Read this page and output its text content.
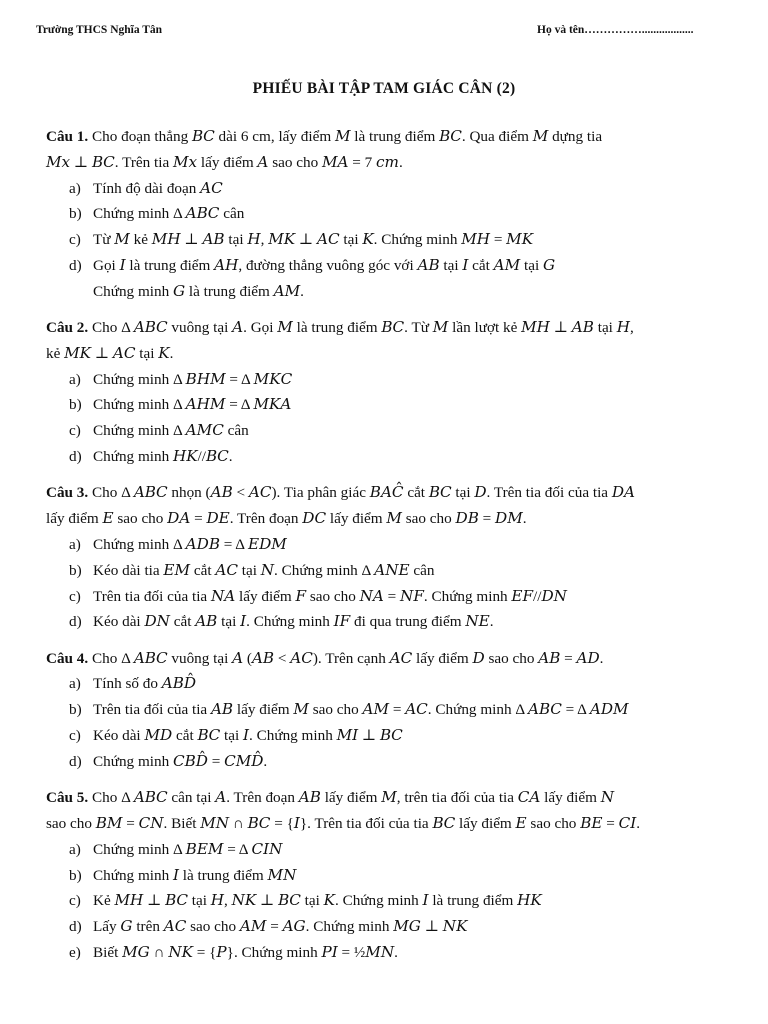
Trường THCS Nghĩa Tân	Họ và tên……………..................
PHIẾU BÀI TẬP TAM GIÁC CÂN (2)
Câu 1. Cho đoạn thẳng 𝐵𝐶 dài 6 cm, lấy điểm 𝑀 là trung điểm 𝐵𝐶. Qua điểm 𝑀 dựng tia
𝑀𝑥 ⊥ 𝐵𝐶. Trên tia 𝑀𝑥 lấy điểm 𝐴 sao cho 𝑀𝐴 = 7 𝑐𝑚.
a) Tính độ dài đoạn 𝐴𝐶
b) Chứng minh Δ 𝐴𝐵𝐶 cân
c) Từ 𝑀 kẻ 𝑀𝐻 ⊥ 𝐴𝐵 tại 𝐻, 𝑀𝐾 ⊥ 𝐴𝐶 tại 𝐾. Chứng minh 𝑀𝐻 = 𝑀𝐾
d) Gọi 𝐼 là trung điểm 𝐴𝐻, đường thẳng vuông góc với 𝐴𝐵 tại 𝐼 cắt 𝐴𝑀 tại 𝐺
Chứng minh 𝐺 là trung điểm 𝐴𝑀.
Câu 2. Cho Δ 𝐴𝐵𝐶 vuông tại 𝐴. Gọi 𝑀 là trung điểm 𝐵𝐶. Từ 𝑀 lần lượt kẻ 𝑀𝐻 ⊥ 𝐴𝐵 tại 𝐻,
kẻ 𝑀𝐾 ⊥ 𝐴𝐶 tại 𝐾.
a) Chứng minh Δ 𝐵𝐻𝑀 = Δ 𝑀𝐾𝐶
b) Chứng minh Δ 𝐴𝐻𝑀 = Δ 𝑀𝐾𝐴
c) Chứng minh Δ 𝐴𝑀𝐶 cân
d) Chứng minh 𝐻𝐾//𝐵𝐶.
Câu 3. Cho Δ 𝐴𝐵𝐶 nhọn (𝐴𝐵 < 𝐴𝐶). Tia phân giác 𝐵𝐴𝐶̂ cắt 𝐵𝐶 tại 𝐷. Trên tia đối của tia 𝐷𝐴
lấy điểm 𝐸 sao cho 𝐷𝐴 = 𝐷𝐸. Trên đoạn 𝐷𝐶 lấy điểm 𝑀 sao cho 𝐷𝐵 = 𝐷𝑀.
a) Chứng minh Δ 𝐴𝐷𝐵 = Δ 𝐸𝐷𝑀
b) Kéo dài tia 𝐸𝑀 cắt 𝐴𝐶 tại 𝑁. Chứng minh Δ 𝐴𝑁𝐸 cân
c) Trên tia đối của tia 𝑁𝐴 lấy điểm 𝐹 sao cho 𝑁𝐴 = 𝑁𝐹. Chứng minh 𝐸𝐹//𝐷𝑁
d) Kéo dài 𝐷𝑁 cắt 𝐴𝐵 tại 𝐼. Chứng minh 𝐼𝐹 đi qua trung điểm 𝑁𝐸.
Câu 4. Cho Δ 𝐴𝐵𝐶 vuông tại 𝐴 (𝐴𝐵 < 𝐴𝐶). Trên cạnh 𝐴𝐶 lấy điểm 𝐷 sao cho 𝐴𝐵 = 𝐴𝐷.
a) Tính số đo 𝐴𝐵𝐷̂
b) Trên tia đối của tia 𝐴𝐵 lấy điểm 𝑀 sao cho 𝐴𝑀 = 𝐴𝐶. Chứng minh Δ 𝐴𝐵𝐶 = Δ 𝐴𝐷𝑀
c) Kéo dài 𝑀𝐷 cắt 𝐵𝐶 tại 𝐼. Chứng minh 𝑀𝐼 ⊥ 𝐵𝐶
d) Chứng minh 𝐶𝐵𝐷̂ = 𝐶𝑀𝐷̂.
Câu 5. Cho Δ 𝐴𝐵𝐶 cân tại 𝐴. Trên đoạn 𝐴𝐵 lấy điểm 𝑀, trên tia đối của tia 𝐶𝐴 lấy điểm 𝑁
sao cho 𝐵𝑀 = 𝐶𝑁. Biết 𝑀𝑁 ∩ 𝐵𝐶 = {𝐼}. Trên tia đối của tia 𝐵𝐶 lấy điểm 𝐸 sao cho 𝐵𝐸 = 𝐶𝐼.
a) Chứng minh Δ 𝐵𝐸𝑀 = Δ 𝐶𝐼𝑁
b) Chứng minh 𝐼 là trung điểm 𝑀𝑁
c) Kẻ 𝑀𝐻 ⊥ 𝐵𝐶 tại 𝐻, 𝑁𝐾 ⊥ 𝐵𝐶 tại 𝐾. Chứng minh 𝐼 là trung điểm 𝐻𝐾
d) Lấy 𝐺 trên 𝐴𝐶 sao cho 𝐴𝑀 = 𝐴𝐺. Chứng minh 𝑀𝐺 ⊥ 𝑁𝐾
e) Biết 𝑀𝐺 ∩ 𝑁𝐾 = {𝑃}. Chứng minh 𝑃𝐼 = ½𝑀𝑁.
